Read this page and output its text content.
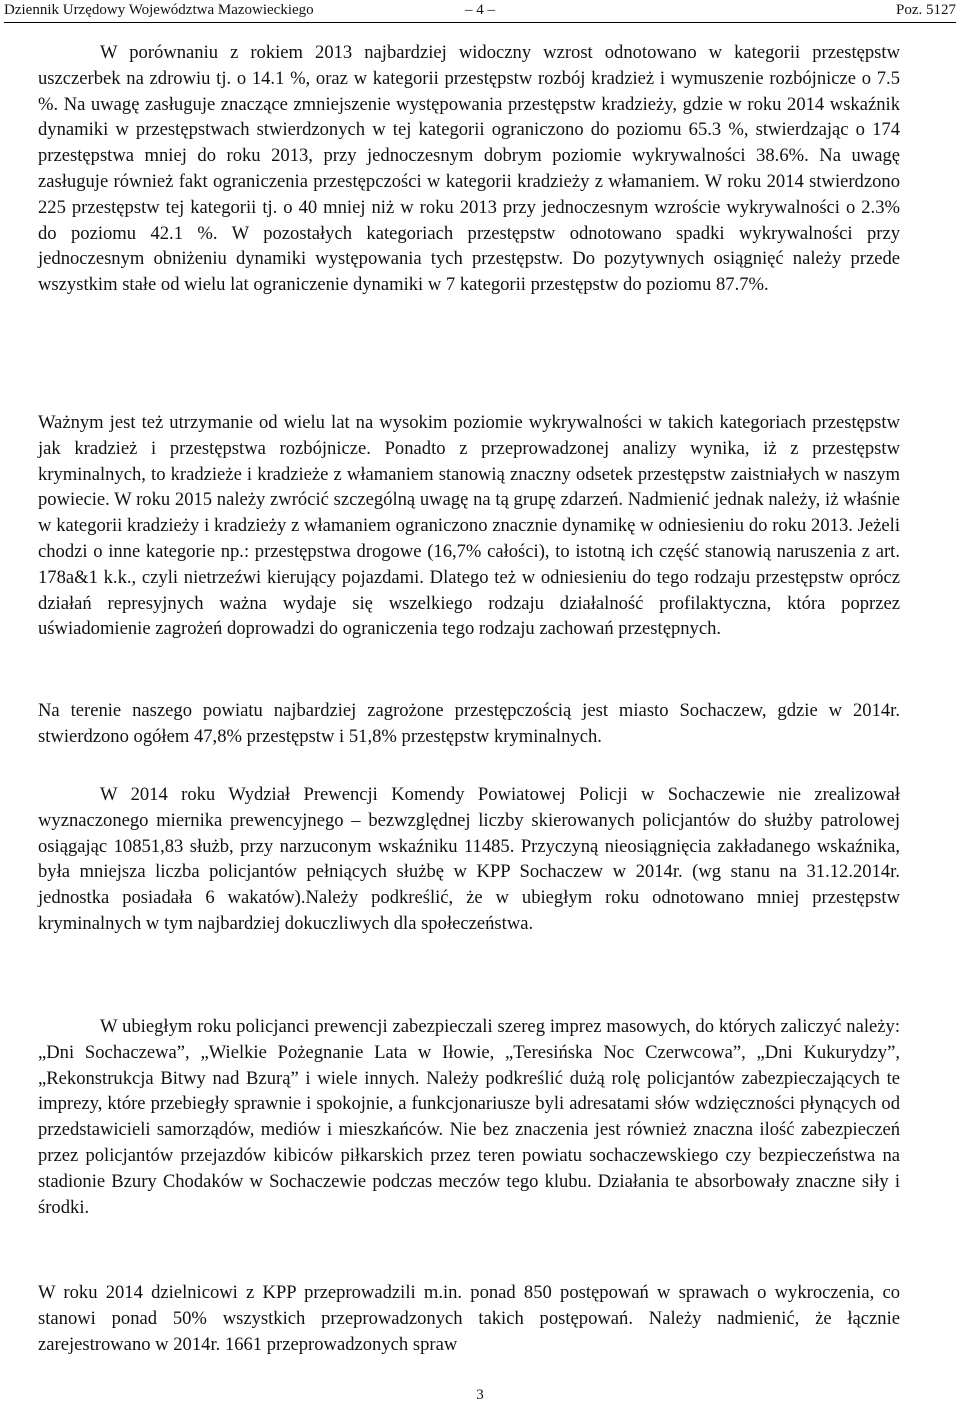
Dziennik Urzędowy Województwa Mazowieckiego	– 4 –	Poz. 5127

W porównaniu z rokiem 2013 najbardziej widoczny wzrost odnotowano w kategorii przestępstw uszczerbek na zdrowiu tj. o 14.1 %, oraz w kategorii przestępstw rozbój kradzież i wymuszenie rozbójnicze o 7.5 %. Na uwagę zasługuje znaczące zmniejszenie występowania przestępstw kradzieży, gdzie w roku 2014 wskaźnik dynamiki w przestępstwach stwierdzonych w tej kategorii ograniczono do poziomu 65.3 %, stwierdzając o 174 przestępstwa mniej do roku 2013, przy jednoczesnym dobrym poziomie wykrywalności 38.6%. Na uwagę zasługuje również fakt ograniczenia przestępczości w kategorii kradzieży z włamaniem. W roku 2014 stwierdzono 225 przestępstw tej kategorii tj. o 40 mniej niż w roku 2013 przy jednoczesnym wzroście wykrywalności o 2.3% do poziomu 42.1 %. W pozostałych kategoriach przestępstw odnotowano spadki wykrywalności przy jednoczesnym obniżeniu dynamiki występowania tych przestępstw. Do pozytywnych osiągnięć należy przede wszystkim stałe od wielu lat ograniczenie dynamiki w 7 kategorii przestępstw do poziomu 87.7%.

Ważnym jest też utrzymanie od wielu lat na wysokim poziomie wykrywalności w takich kategoriach przestępstw jak kradzież i przestępstwa rozbójnicze. Ponadto z przeprowadzonej analizy wynika, iż z przestępstw kryminalnych, to kradzieże i kradzieże z włamaniem stanowią znaczny odsetek przestępstw zaistniałych w naszym powiecie. W roku 2015 należy zwrócić szczególną uwagę na tą grupę zdarzeń. Nadmienić jednak należy, iż właśnie w kategorii kradzieży i kradzieży z włamaniem ograniczono znacznie dynamikę w odniesieniu do roku 2013. Jeżeli chodzi o inne kategorie np.: przestępstwa drogowe (16,7% całości), to istotną ich część stanowią naruszenia z art. 178a&1 k.k., czyli nietrzeźwi kierujący pojazdami. Dlatego też w odniesieniu do tego rodzaju przestępstw oprócz działań represyjnych ważna wydaje się wszelkiego rodzaju działalność profilaktyczna, która poprzez uświadomienie zagrożeń doprowadzi do ograniczenia tego rodzaju zachowań przestępnych.

Na terenie naszego powiatu najbardziej zagrożone przestępczością jest miasto Sochaczew, gdzie w 2014r. stwierdzono ogółem 47,8% przestępstw i 51,8% przestępstw kryminalnych.

W 2014 roku Wydział Prewencji Komendy Powiatowej Policji w Sochaczewie nie zrealizował wyznaczonego miernika prewencyjnego – bezwzględnej liczby skierowanych policjantów do służby patrolowej osiągając 10851,83 służb, przy narzuconym wskaźniku 11485. Przyczyną nieosiągnięcia zakładanego wskaźnika, była mniejsza liczba policjantów pełniących służbę w KPP Sochaczew w 2014r. (wg stanu na 31.12.2014r. jednostka posiadała 6 wakatów).Należy podkreślić, że w ubiegłym roku odnotowano mniej przestępstw kryminalnych w tym najbardziej dokuczliwych dla społeczeństwa.

W ubiegłym roku policjanci prewencji zabezpieczali szereg imprez masowych, do których zaliczyć należy: „Dni Sochaczewa”, „Wielkie Pożegnanie Lata w Iłowie, „Teresińska Noc Czerwcowa”, „Dni Kukurydzy”, „Rekonstrukcja Bitwy nad Bzurą” i wiele innych. Należy podkreślić dużą rolę policjantów zabezpieczających te imprezy, które przebiegły sprawnie i spokojnie, a funkcjonariusze byli adresatami słów wdzięczności płynących od przedstawicieli samorządów, mediów i mieszkańców. Nie bez znaczenia jest również znaczna ilość zabezpieczeń przez policjantów przejazdów kibiców piłkarskich przez teren powiatu sochaczewskiego czy bezpieczeństwa na stadionie Bzury Chodaków w Sochaczewie podczas meczów tego klubu. Działania te absorbowały znaczne siły i środki.

W roku 2014 dzielnicowi z KPP przeprowadzili m.in. ponad 850 postępowań w sprawach o wykroczenia, co stanowi ponad 50% wszystkich przeprowadzonych takich postępowań. Należy nadmienić, że łącznie zarejestrowano w 2014r. 1661 przeprowadzonych spraw

3
